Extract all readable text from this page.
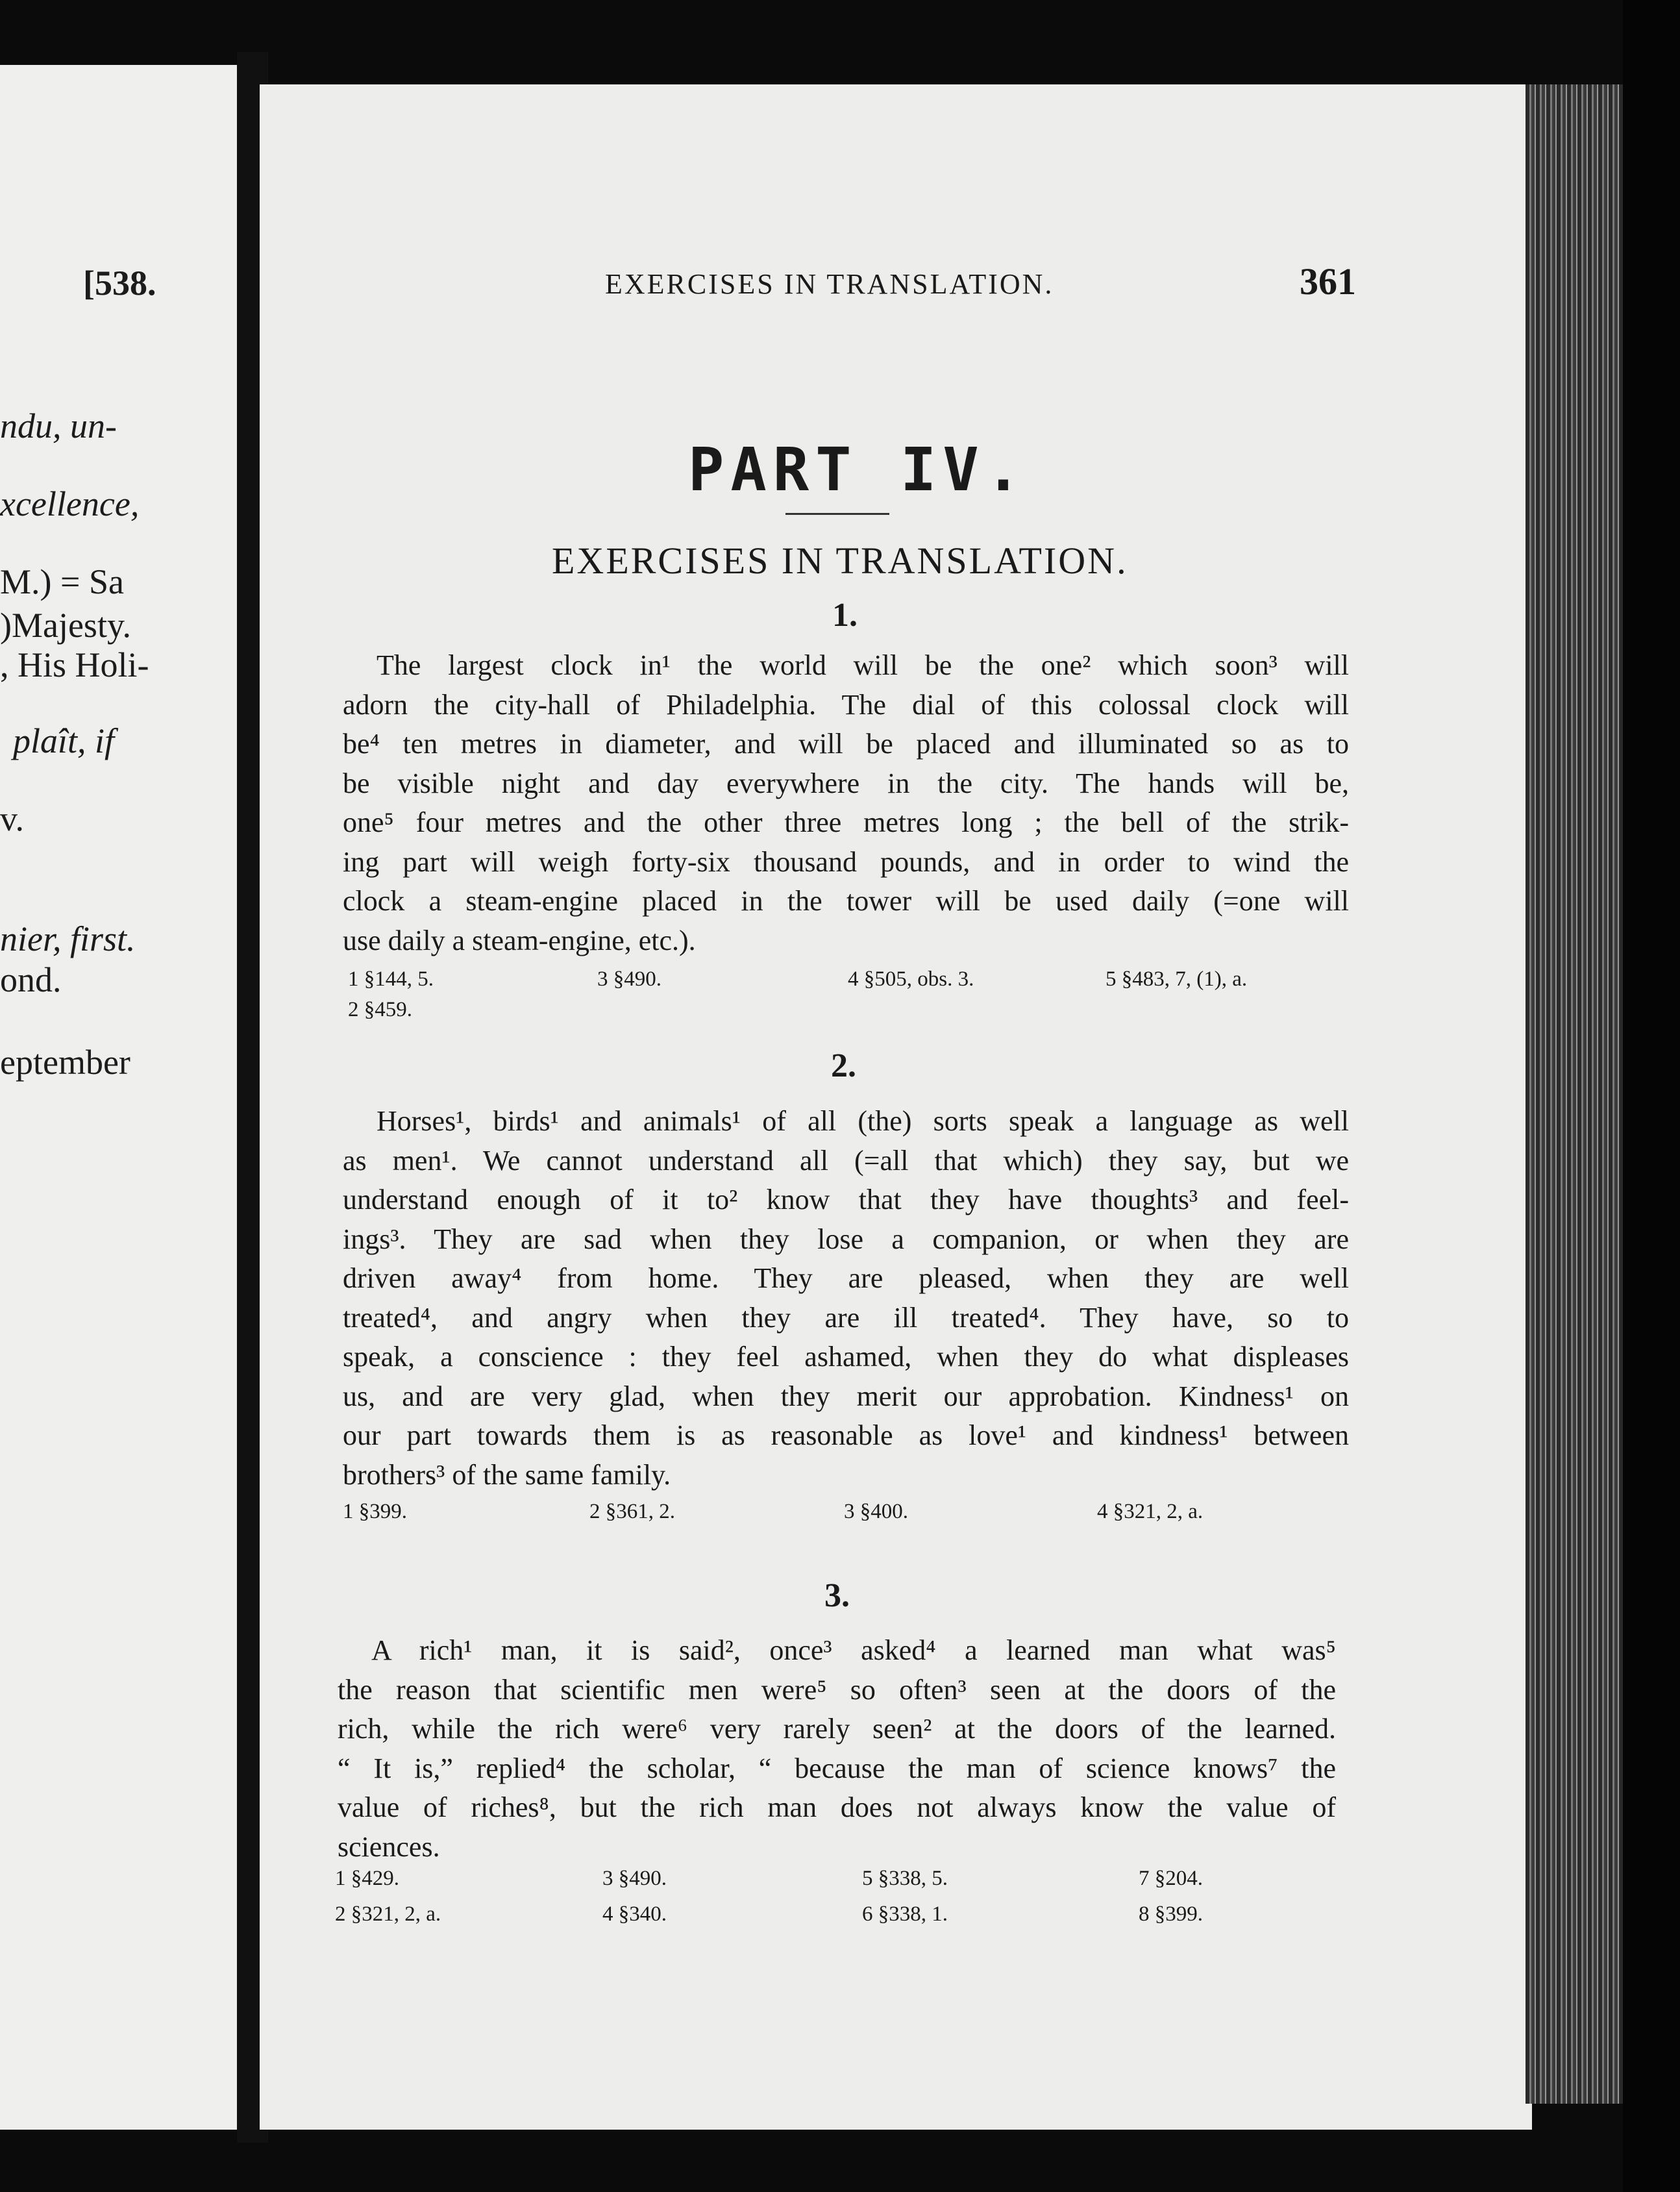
[538.
ndu, un-
xcellence,
M.) = Sa
)Majesty.
, His Holi-
plaît, if
v.
nier, first.
ond.
eptember
EXERCISES IN TRANSLATION.	361
PART IV.
EXERCISES IN TRANSLATION.
1.
The largest clock in¹ the world will be the one² which soon³ will
adorn the city-hall of Philadelphia. The dial of this colossal clock will
be⁴ ten metres in diameter, and will be placed and illuminated so as to
be visible night and day everywhere in the city. The hands will be,
one⁵ four metres and the other three metres long ; the bell of the strik-
ing part will weigh forty-six thousand pounds, and in order to wind the
clock a steam-engine placed in the tower will be used daily (=one will
use daily a steam-engine, etc.).
1 §144, 5.	3 §490.	4 §505, obs. 3.	5 §483, 7, (1), a.
2 §459.
2.
Horses¹, birds¹ and animals¹ of all (the) sorts speak a language as well
as men¹. We cannot understand all (=all that which) they say, but we
understand enough of it to² know that they have thoughts³ and feel-
ings³. They are sad when they lose a companion, or when they are
driven away⁴ from home. They are pleased, when they are well
treated⁴, and angry when they are ill treated⁴. They have, so to
speak, a conscience : they feel ashamed, when they do what displeases
us, and are very glad, when they merit our approbation. Kindness¹ on
our part towards them is as reasonable as love¹ and kindness¹ between
brothers³ of the same family.
1 §399.	2 §361, 2.	3 §400.	4 §321, 2, a.
3.
A rich¹ man, it is said², once³ asked⁴ a learned man what was⁵
the reason that scientific men were⁵ so often³ seen at the doors of the
rich, while the rich were⁶ very rarely seen² at the doors of the learned.
“ It is,” replied⁴ the scholar, “ because the man of science knows⁷ the
value of riches⁸, but the rich man does not always know the value of
sciences.
1 §429.	3 §490.	5 §338, 5.	7 §204.
2 §321, 2, a.	4 §340.	6 §338, 1.	8 §399.
